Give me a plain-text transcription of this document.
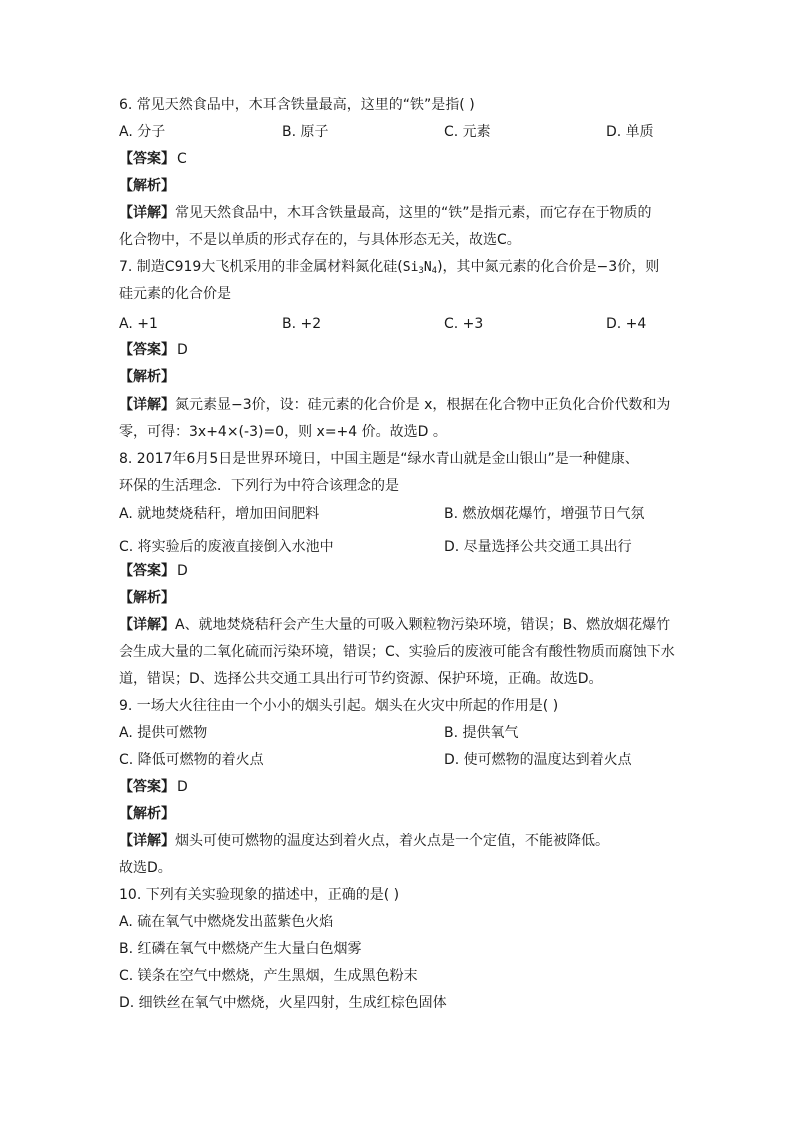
6. 常见天然食品中，木耳含铁量最高，这里的“铁”是指( )
A. 分子	B. 原子	C. 元素	D. 单质
【答案】 C
【解析】
【详解】常见天然食品中，木耳含铁量最高，这里的“铁”是指元素，而它存在于物质的
化合物中，不是以单质的形式存在的，与具体形态无关，故选C。
7. 制造C919大飞机采用的非金属材料氮化硅(Si3N4)，其中氮元素的化合价是−3价，则
硅元素的化合价是
A. +1	B. +2	C. +3	D. +4
【答案】 D
【解析】
【详解】氮元素显−3价，设：硅元素的化合价是 x，根据在化合物中正负化合价代数和为
零，可得：3x+4×(-3)=0，则 x=+4 价。故选D 。
8. 2017年6月5日是世界环境日，中国主题是“绿水青山就是金山银山”是一种健康、
环保的生活理念．下列行为中符合该理念的是
A. 就地焚烧秸秆，增加田间肥料	B. 燃放烟花爆竹，增强节日气氛
C. 将实验后的废液直接倒入水池中	D. 尽量选择公共交通工具出行
【答案】 D
【解析】
【详解】A、就地焚烧秸秆会产生大量的可吸入颗粒物污染环境，错误；B、燃放烟花爆竹
会生成大量的二氧化硫而污染环境，错误；C、实验后的废液可能含有酸性物质而腐蚀下水
道，错误；D、选择公共交通工具出行可节约资源、保护环境，正确。故选D。
9. 一场大火往往由一个小小的烟头引起。烟头在火灾中所起的作用是( )
A. 提供可燃物	B. 提供氧气
C. 降低可燃物的着火点	D. 使可燃物的温度达到着火点
【答案】 D
【解析】
【详解】烟头可使可燃物的温度达到着火点，着火点是一个定值，不能被降低。
故选D。
10. 下列有关实验现象的描述中，正确的是( )
A. 硫在氧气中燃烧发出蓝紫色火焰
B. 红磷在氧气中燃烧产生大量白色烟雾
C. 镁条在空气中燃烧，产生黑烟，生成黑色粉末
D. 细铁丝在氧气中燃烧，火星四射，生成红棕色固体
